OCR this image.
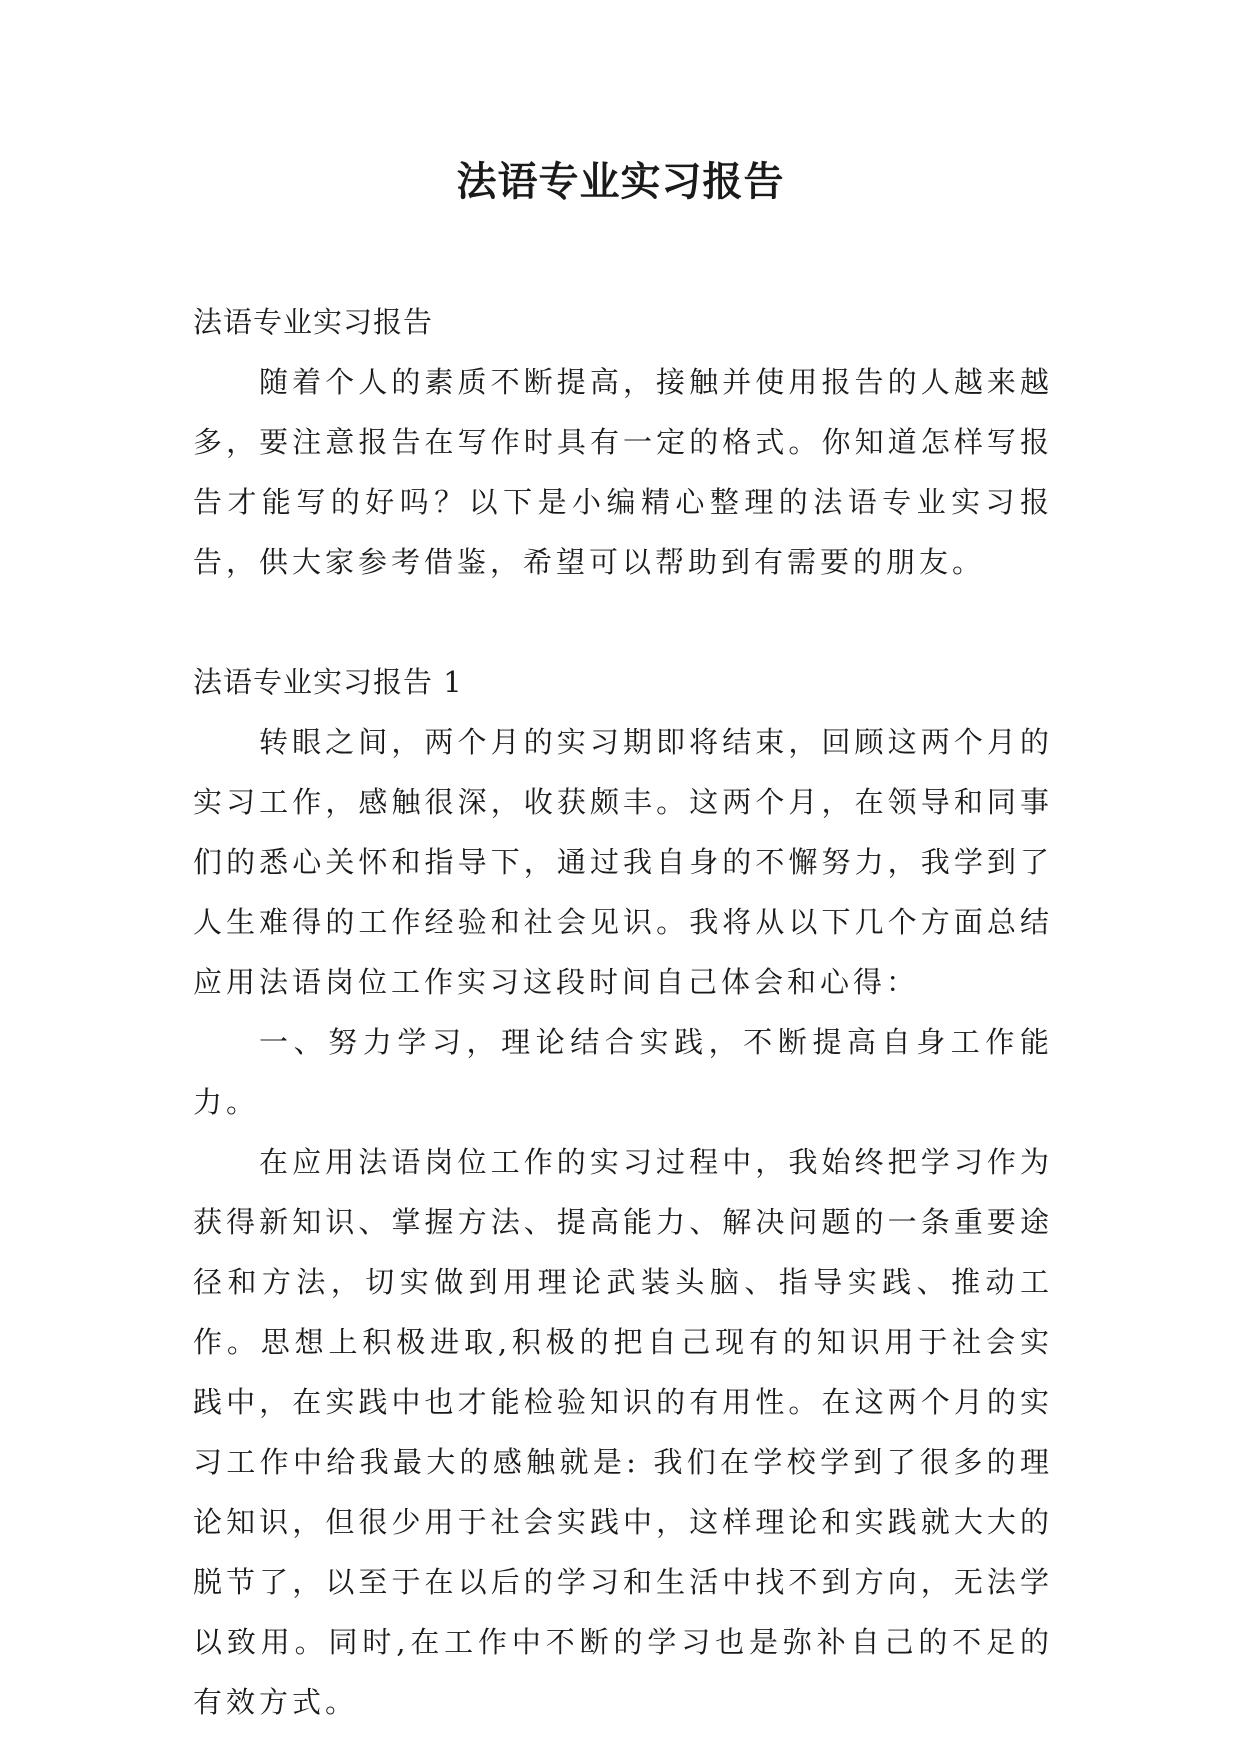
法语专业实习报告

法语专业实习报告

随着个人的素质不断提高，接触并使用报告的人越来越多，要注意报告在写作时具有一定的格式。你知道怎样写报告才能写的好吗？以下是小编精心整理的法语专业实习报告，供大家参考借鉴，希望可以帮助到有需要的朋友。

法语专业实习报告 1

转眼之间，两个月的实习期即将结束，回顾这两个月的实习工作，感触很深，收获颇丰。这两个月，在领导和同事们的悉心关怀和指导下，通过我自身的不懈努力，我学到了人生难得的工作经验和社会见识。我将从以下几个方面总结应用法语岗位工作实习这段时间自己体会和心得：

一、努力学习，理论结合实践，不断提高自身工作能力。

在应用法语岗位工作的实习过程中，我始终把学习作为获得新知识、掌握方法、提高能力、解决问题的一条重要途径和方法，切实做到用理论武装头脑、指导实践、推动工作。思想上积极进取,积极的把自己现有的知识用于社会实践中，在实践中也才能检验知识的有用性。在这两个月的实习工作中给我最大的感触就是: 我们在学校学到了很多的理论知识，但很少用于社会实践中，这样理论和实践就大大的脱节了，以至于在以后的学习和生活中找不到方向，无法学以致用。同时,在工作中不断的学习也是弥补自己的不足的有效方式。
